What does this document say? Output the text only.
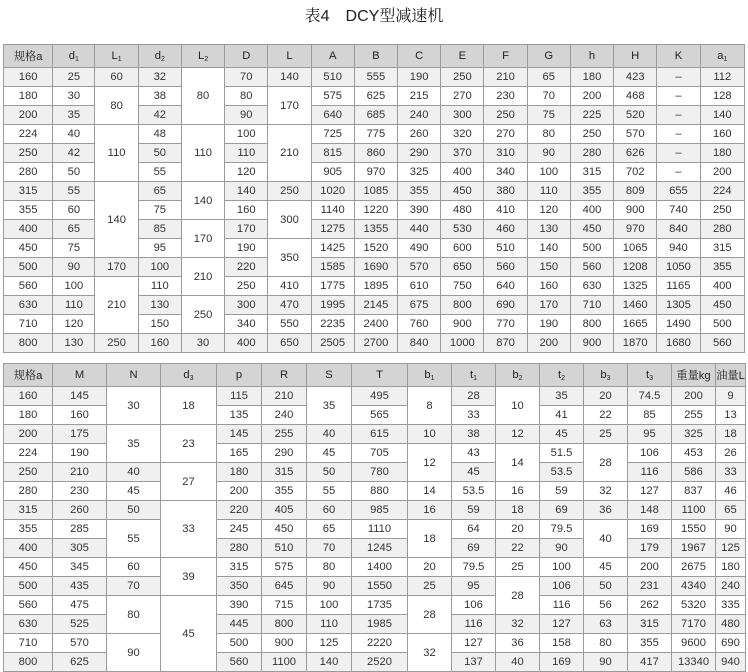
表4　DCY型减速机
规格a	$d_1$	$L_1$	$d_2$	$L_2$	D	L	A	B	C	E	F	G	h	H	K	$a_1$
160	25	60	32	80	70	140	510	555	190	250	210	65	180	423	–	112
180	30	80	38		80	170	575	625	215	270	230	70	200	468	–	128
200	35		42		90		640	685	240	300	250	75	225	520	–	140
224	40	110	48	110	100	210	725	775	260	320	270	80	250	570	–	160
250	42		50		110		815	860	290	370	310	90	280	626	–	180
280	50		55		120		905	970	325	400	340	100	315	702	–	200
315	55	140	65	140	140	250	1020	1085	355	450	380	110	355	809	655	224
355	60		75		160	300	1140	1220	390	480	410	120	400	900	740	250
400	65		85	170	170		1275	1355	440	530	460	130	450	970	840	280
450	75		95		190	350	1425	1520	490	600	510	140	500	1065	940	315
500	90	170	100	210	220		1585	1690	570	650	560	150	560	1208	1050	355
560	100	210	110		250	410	1775	1895	610	750	640	160	630	1325	1165	400
630	110		130	250	300	470	1995	2145	675	800	690	170	710	1460	1305	450
710	120		150		340	550	2235	2400	760	900	770	190	800	1665	1490	500
800	130	250	160	30	400	650	2505	2700	840	1000	870	200	900	1870	1680	560
规格a	M	N	$d_3$	p	R	S	T	$b_1$	$t_1$	$b_2$	$t_2$	$b_3$	$t_3$	重量kg	油量L
160	145	30	18	115	210	35	495	8	28	10	35	20	74.5	200	9
180	160			135	240		565		33		41	22	85	255	13
200	175	35	23	145	255	40	615	10	38	12	45	25	95	325	18
224	190			165	290	45	705	12	43	14	51.5	28	106	453	26
250	210	40	27	180	315	50	780		45		53.5		116	586	33
280	230	45		200	355	55	880	14	53.5	16	59	32	127	837	46
315	260	50	33	220	405	60	985	16	59	18	69	36	148	1100	65
355	285	55		245	450	65	1110	18	64	20	79.5	40	169	1550	90
400	305			280	510	70	1245		69	22	90		179	1967	125
450	345	60	39	315	575	80	1400	20	79.5	25	100	45	200	2675	180
500	435	70		350	645	90	1550	25	95	28	106	50	231	4340	240
560	475	80	45	390	715	100	1735	28	106		116	56	262	5320	335
630	525			445	800	110	1985		116	32	127	63	315	7170	480
710	570	90		500	900	125	2220	32	127	36	158	80	355	9600	690
800	625			560	1100	140	2520		137	40	169	90	417	13340	940
